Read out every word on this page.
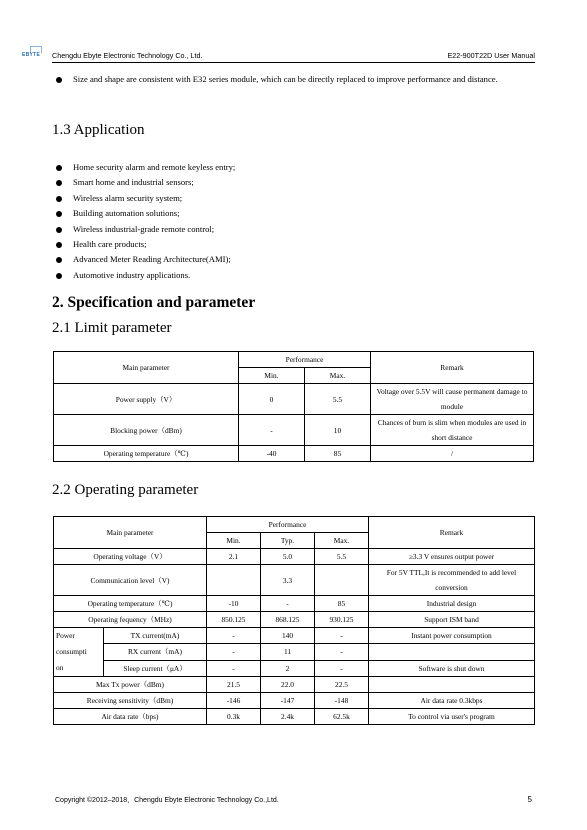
EBYTE Chengdu Ebyte Electronic Technology Co., Ltd.	E22-900T22D User Manual
Size and shape are consistent with E32 series module, which can be directly replaced to improve performance and distance.
1.3 Application
Home security alarm and remote keyless entry;
Smart home and industrial sensors;
Wireless alarm security system;
Building automation solutions;
Wireless industrial-grade remote control;
Health care products;
Advanced Meter Reading Architecture(AMI);
Automotive industry applications.
2. Specification and parameter
2.1 Limit parameter
Main parameter	Performance		Remark
	Min.	Max.	
Power supply（V）	0	5.5	Voltage over 5.5V will cause permanent damage to module
Blocking power（dBm)	-	10	Chances of burn is slim when modules are used in short distance
Operating temperature（℃)	-40	85	/
2.2 Operating parameter
Main parameter		Performance			Remark
		Min.	Typ.	Max.	
Operating voltage（V）		2.1	5.0	5.5	≥3.3 V ensures output power
Communication level（V)			3.3		For 5V TTL,It is recommended to add level conversion
Operating temperature（℃)		-10	-	85	Industrial design
Operating fequency（MHz)		850.125	868.125	930.125	Support ISM band

Power
consumpti
on	TX current(mA)	-	140	-	Instant power consumption
	RX current（mA)	-	11	-	
	Sleep current（μA）	-	2	-	Software is shut down
Max Tx power（dBm)		21.5	22.0	22.5	
Receiving sensitivity（dBm)		-146	-147	-148	Air data rate 0.3kbps
Air data rate（bps)		0.3k	2.4k	62.5k	To control via user's program
Copyright ©2012–2018，Chengdu Ebyte Electronic Technology Co.,Ltd.	5
